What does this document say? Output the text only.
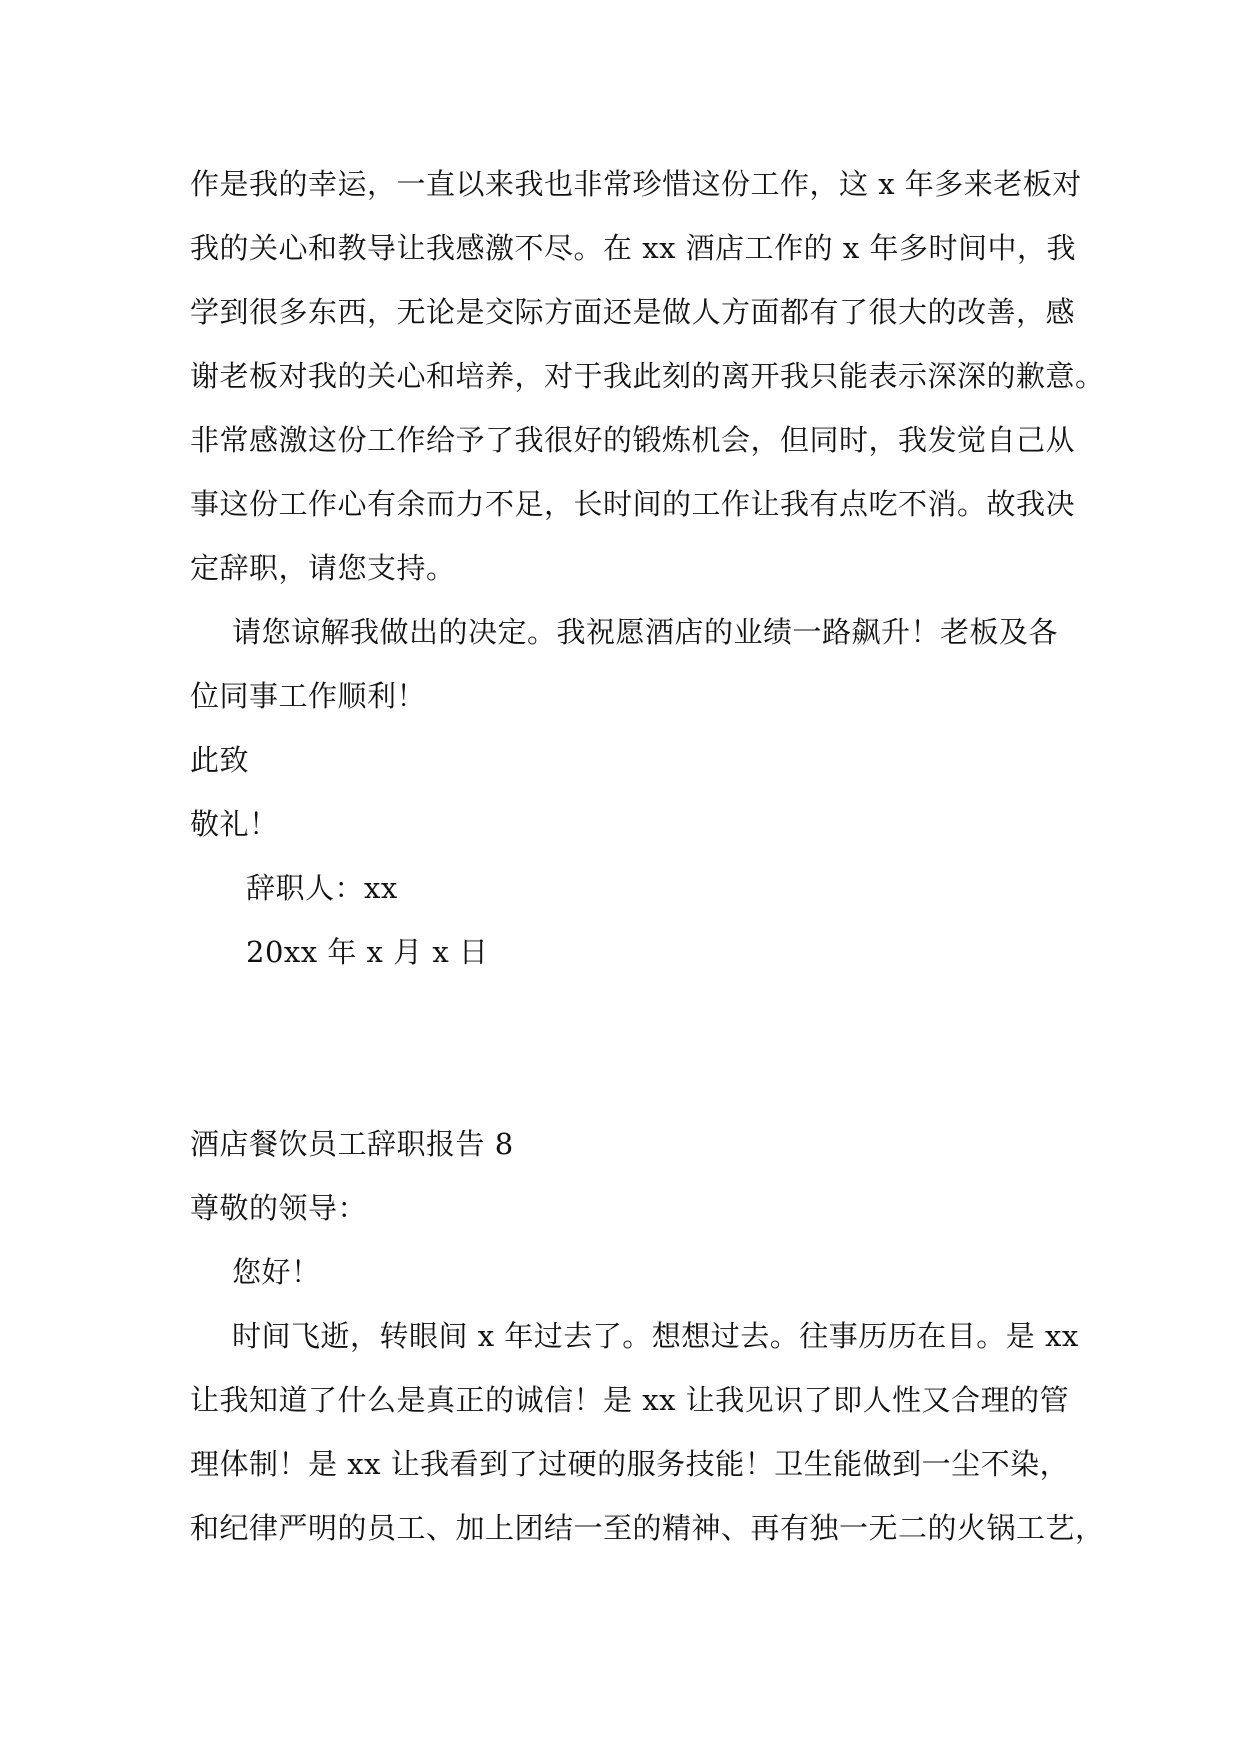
作是我的幸运，一直以来我也非常珍惜这份工作，这 x 年多来老板对
我的关心和教导让我感激不尽。在 xx 酒店工作的 x 年多时间中，我
学到很多东西，无论是交际方面还是做人方面都有了很大的改善，感
谢老板对我的关心和培养，对于我此刻的离开我只能表示深深的歉意。
非常感激这份工作给予了我很好的锻炼机会，但同时，我发觉自己从
事这份工作心有余而力不足，长时间的工作让我有点吃不消。故我决
定辞职，请您支持。
请您谅解我做出的决定。我祝愿酒店的业绩一路飙升！老板及各
位同事工作顺利！
此致
敬礼！
辞职人：xx
20xx 年 x 月 x 日
酒店餐饮员工辞职报告 8
尊敬的领导：
您好！
时间飞逝，转眼间 x 年过去了。想想过去。往事历历在目。是 xx
让我知道了什么是真正的诚信！是 xx 让我见识了即人性又合理的管
理体制！是 xx 让我看到了过硬的服务技能！卫生能做到一尘不染，
和纪律严明的员工、加上团结一至的精神、再有独一无二的火锅工艺，
